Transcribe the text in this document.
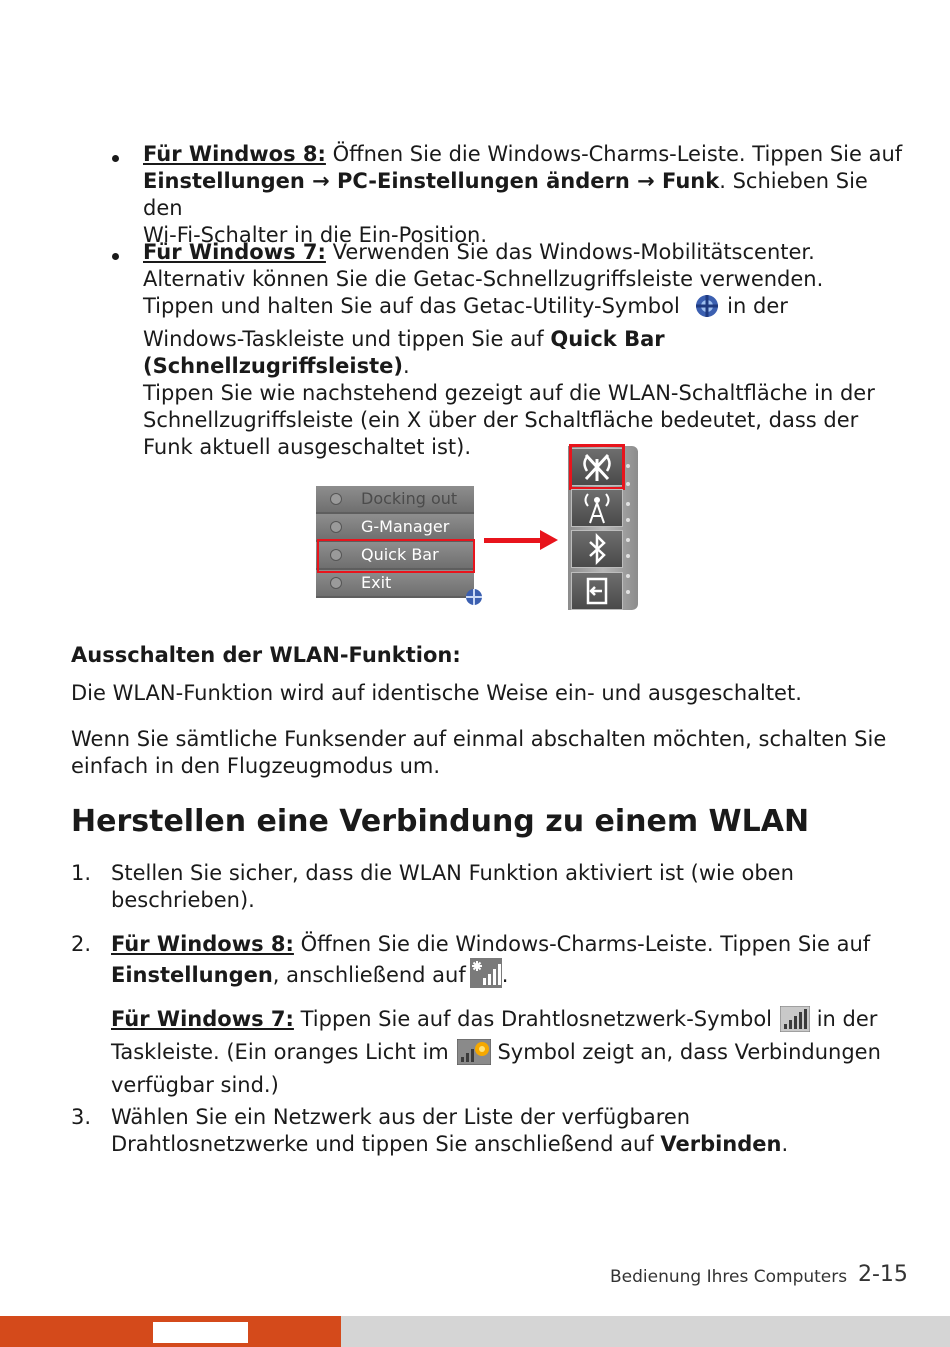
Für Windwos 8: Öffnen Sie die Windows-Charms-Leiste. Tippen Sie auf
Einstellungen → PC-Einstellungen ändern → Funk. Schieben Sie den
Wi-Fi-Schalter in die Ein-Position.
Für Windows 7: Verwenden Sie das Windows-Mobilitätscenter.
Alternativ können Sie die Getac-Schnellzugriffsleiste verwenden.
Tippen und halten Sie auf das Getac-Utility-Symbol  in der
Windows-Taskleiste und tippen Sie auf Quick Bar (Schnellzugriffsleiste).
Tippen Sie wie nachstehend gezeigt auf die WLAN-Schaltfläche in der
Schnellzugriffsleiste (ein X über der Schaltfläche bedeutet, dass der
Funk aktuell ausgeschaltet ist).
Docking out
G-Manager
Quick Bar
Exit
Ausschalten der WLAN-Funktion:
Die WLAN-Funktion wird auf identische Weise ein- und ausgeschaltet.
Wenn Sie sämtliche Funksender auf einmal abschalten möchten, schalten Sie
einfach in den Flugzeugmodus um.
Herstellen eine Verbindung zu einem WLAN
1. Stellen Sie sicher, dass die WLAN Funktion aktiviert ist (wie oben
beschrieben).
2. Für Windows 8: Öffnen Sie die Windows-Charms-Leiste. Tippen Sie auf
Einstellungen, anschließend auf .
Für Windows 7: Tippen Sie auf das Drahtlosnetzwerk-Symbol in der
Taskleiste. (Ein oranges Licht im Symbol zeigt an, dass Verbindungen
verfügbar sind.)
3. Wählen Sie ein Netzwerk aus der Liste der verfügbaren
Drahtlosnetzwerke und tippen Sie anschließend auf Verbinden.
Bedienung Ihres Computers 2-15
